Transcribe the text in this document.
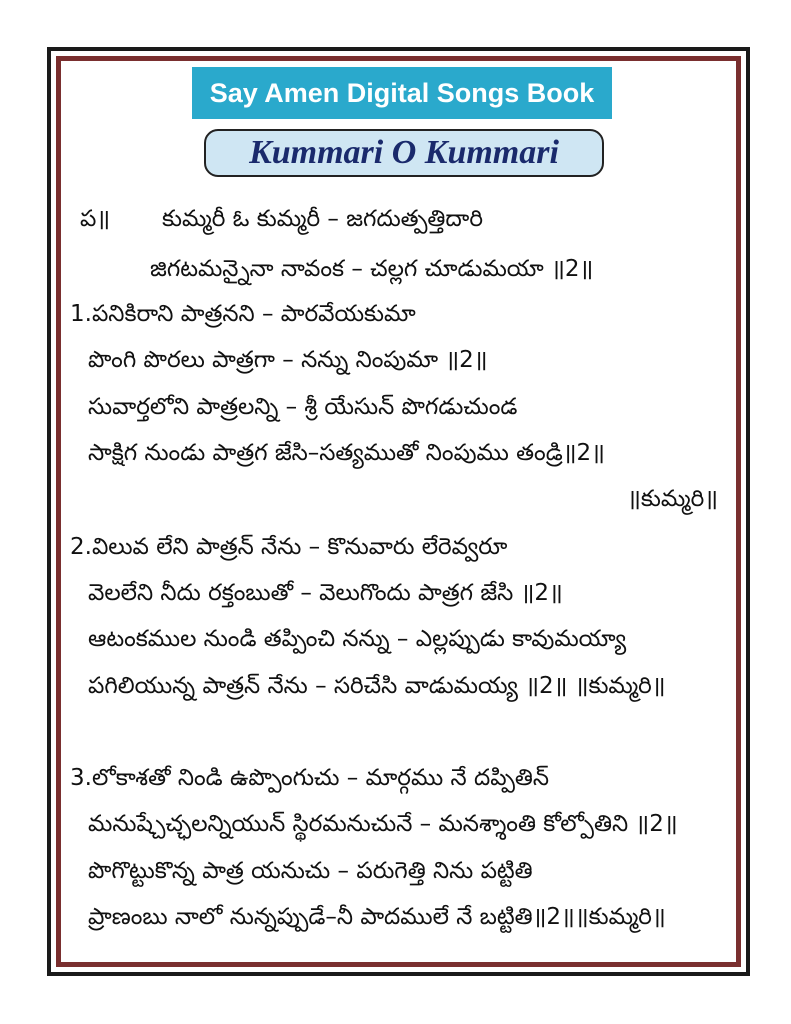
Say Amen Digital Songs Book
Kummari O Kummari
ప॥ కుమ్మరీ ఓ కుమ్మరీ – జగదుత్పత్తిదారి
జిగటమన్నైనా నావంక – చల్లగ చూడుమయా ॥2॥
1.పనికిరాని పాత్రనని – పారవేయకుమా
పొంగి పొరలు పాత్రగా – నన్ను నింపుమా ॥2॥
సువార్తలోని పాత్రలన్ని – శ్రీ యేసున్ పొగడుచుండ
సాక్షిగ నుండు పాత్రగ జేసి–సత్యముతో నింపుము తండ్రి॥2॥
॥కుమ్మరి॥
2.విలువ లేని పాత్రన్ నేను – కొనువారు లేరెవ్వరూ
వెలలేని నీదు రక్తంబుతో – వెలుగొందు పాత్రగ జేసి ॥2॥
ఆటంకముల నుండి తప్పించి నన్ను – ఎల్లప్పుడు కావుమయ్యా
పగిలియున్న పాత్రన్ నేను – సరిచేసి వాడుమయ్య ॥2॥ ॥కుమ్మరి॥
3.లోకాశతో నిండి ఉప్పొంగుచు – మార్గము నే దప్పితిన్
మనుష్చేచ్ఛలన్నియున్ స్థిరమనుచునే – మనశ్శాంతి కోల్పోతిని ॥2॥
పొగొట్టుకొన్న పాత్ర యనుచు – పరుగెత్తి నిను పట్టితి
ప్రాణంబు నాలో నున్నప్పుడే–నీ పాదములే నే బట్టితి॥2॥॥కుమ్మరి॥
